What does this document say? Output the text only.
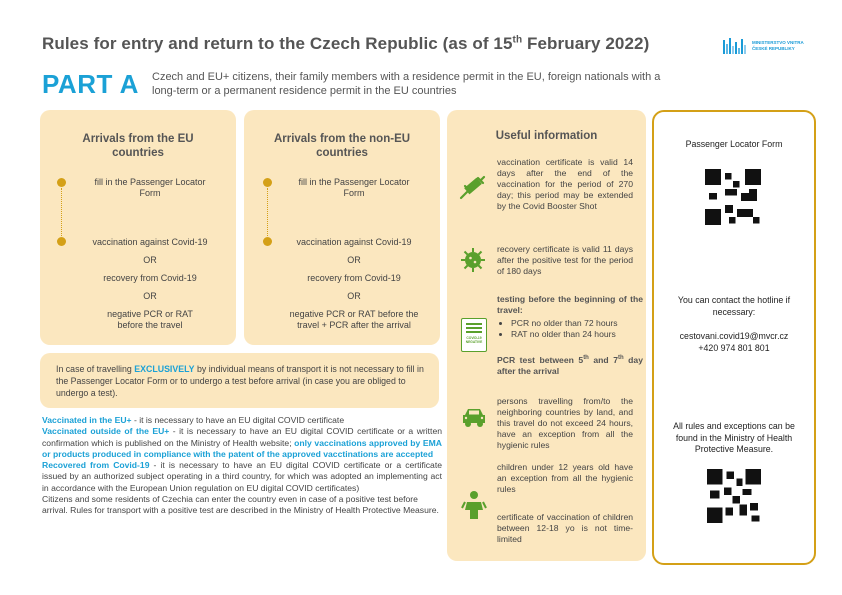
Rules for entry and return to the Czech Republic (as of 15th February 2022)	MINISTERSTVO VNITRA
ČESKÉ REPUBLIKY
PART A Czech and EU+ citizens, their family members with a residence permit in the EU, foreign nationals with a long-term or a permanent residence permit in the EU countries
Arrivals from the EU countries
fill in the Passenger Locator Form
vaccination against Covid-19
OR
recovery from Covid-19
OR
negative PCR or RAT before the travel
Arrivals from the non-EU countries
fill in the Passenger Locator Form
vaccination against Covid-19
OR
recovery from Covid-19
OR
negative PCR or RAT before the travel + PCR after the arrival
In case of travelling EXCLUSIVELY by individual means of transport it is not necessary to fill in the Passenger Locator Form or to undergo a test before arrival (in case you are obliged to undergo a test).

Vaccinated in the EU+ - it is necessary to have an EU digital COVID certificate

Vaccinated outside of the EU+ - it is necessary to have an EU digital COVID certificate or a written confirmation which is published on the Ministry of Health website; only vaccinations approved by EMA or products produced in compliance with the patent of the approved vacctinations are accepted

Recovered from Covid-19 - it is necessary to have an EU digital COVID certificate or a certificate issued by an authorized subject operating in a third country, for which was adopted an implementing act in accordance with the European Union regulation on EU digital COVID certificates)

Citizens and some residents of Czechia can enter the country even in case of a positive test before arrival. Rules for transport with a positive test are described in the Ministry of Health Protective Measure.

Useful information
vaccination certificate is valid 14 days after the end of the vaccination for the period of 270 day; this period may be extended by the Covid Booster Shot
recovery certificate is valid 11 days after the positive test for the period of 180 days
COVID-19 NEGATIVE
testing before the beginning of the travel:
• PCR no older than 72 hours
• RAT no older than 24 hours
PCR test between 5th and 7th day after the arrival
persons travelling from/to the neighboring countries by land, and this travel do not exceed 24 hours, have an exception from all the hygienic rules
children under 12 years old have an exception from all the hygienic rules
certificate of vaccination of children between 12-18 yo is not time-limited
Passenger Locator Form
You can contact the hotline if necessary:
cestovani.covid19@mvcr.cz
+420 974 801 801
All rules and exceptions can be found in the Ministry of Health Protective Measure.
